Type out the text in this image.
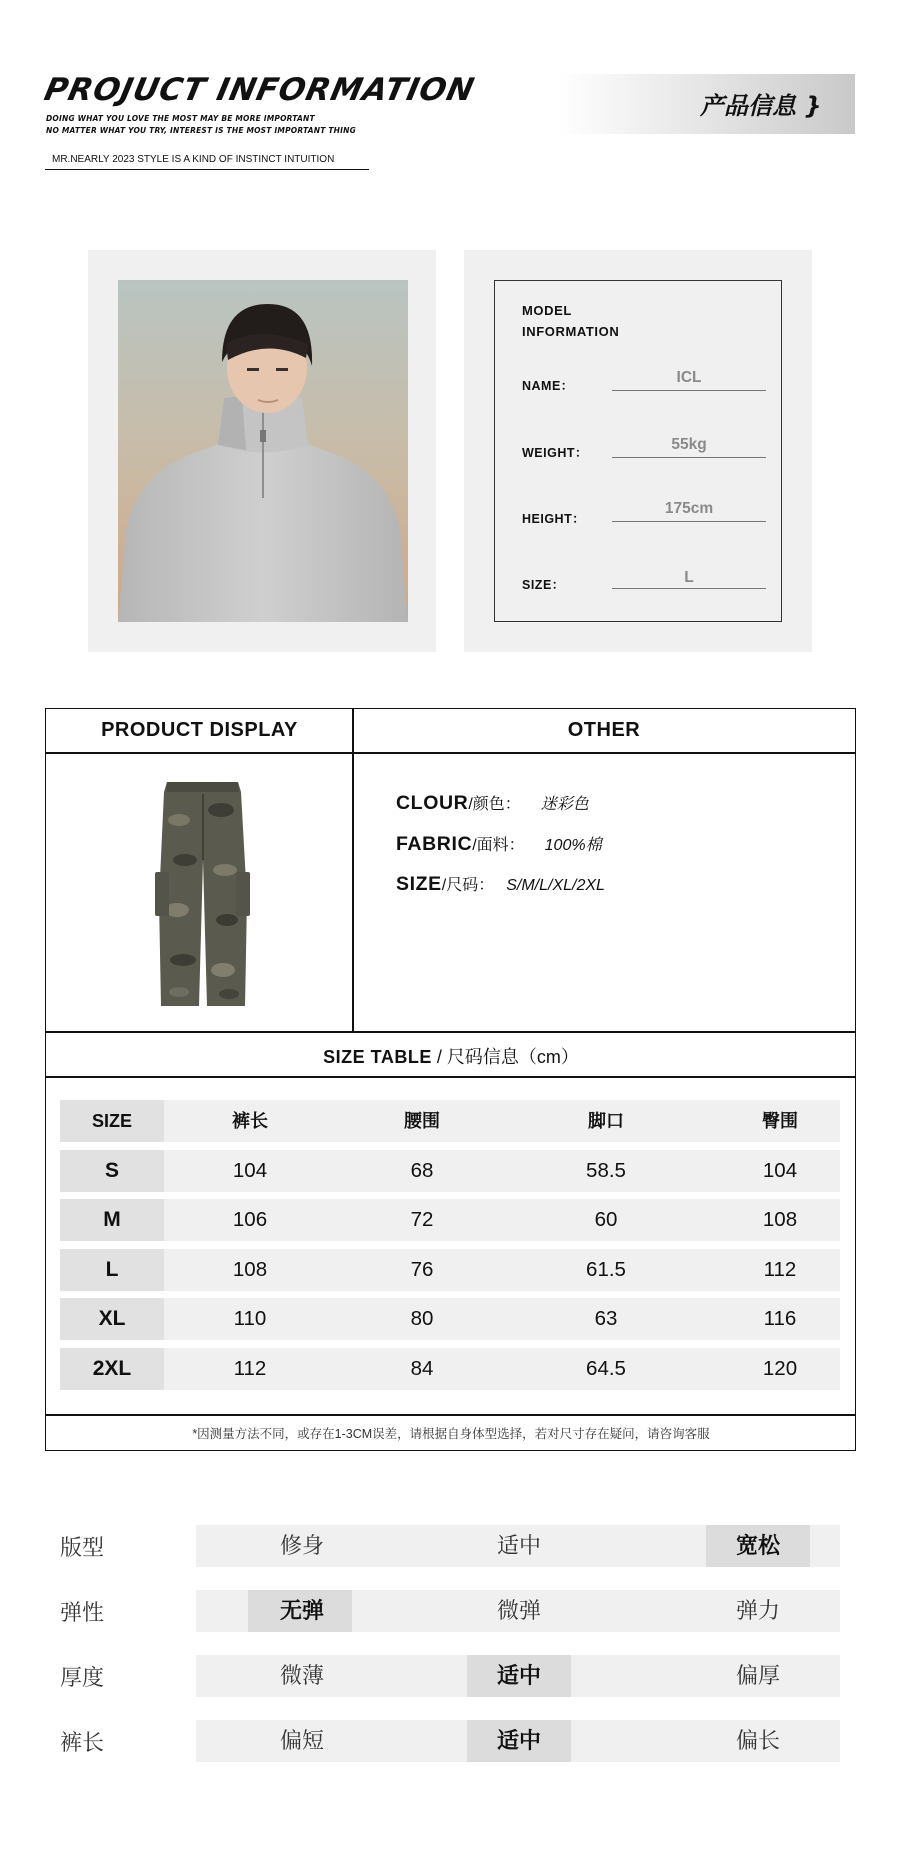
PROJUCT INFORMATION
DOING WHAT YOU LOVE THE MOST MAY BE MORE IMPORTANT
NO MATTER WHAT YOU TRY, INTEREST IS THE MOST IMPORTANT THING
MR.NEARLY 2023 STYLE IS A KIND OF INSTINCT INTUITION
产品信息 }
MODEL
INFORMATION
NAME：	ICL
WEIGHT：	55kg
HEIGHT：
175cm
SIZE：	L
PRODUCT DISPLAY	OTHER
CLOUR/颜色： 迷彩色
FABRIC/面料： 100%棉
SIZE/尺码： S/M/L/XL/2XL
SIZE TABLE / 尺码信息（cm）
SIZE	裤长	腰围	脚口	臀围
S	104	68	58.5	104
M	106	72	60	108
L	108	76	61.5	112
XL	110	80	63	116
2XL	112	84	64.5	120
*因测量方法不同，或存在1-3CM误差，请根据自身体型选择，若对尺寸存在疑问，请咨询客服
版型	修身	适中	宽松
弹性	无弹	微弹	弹力
厚度	微薄	适中	偏厚
裤长	偏短	适中	偏长
